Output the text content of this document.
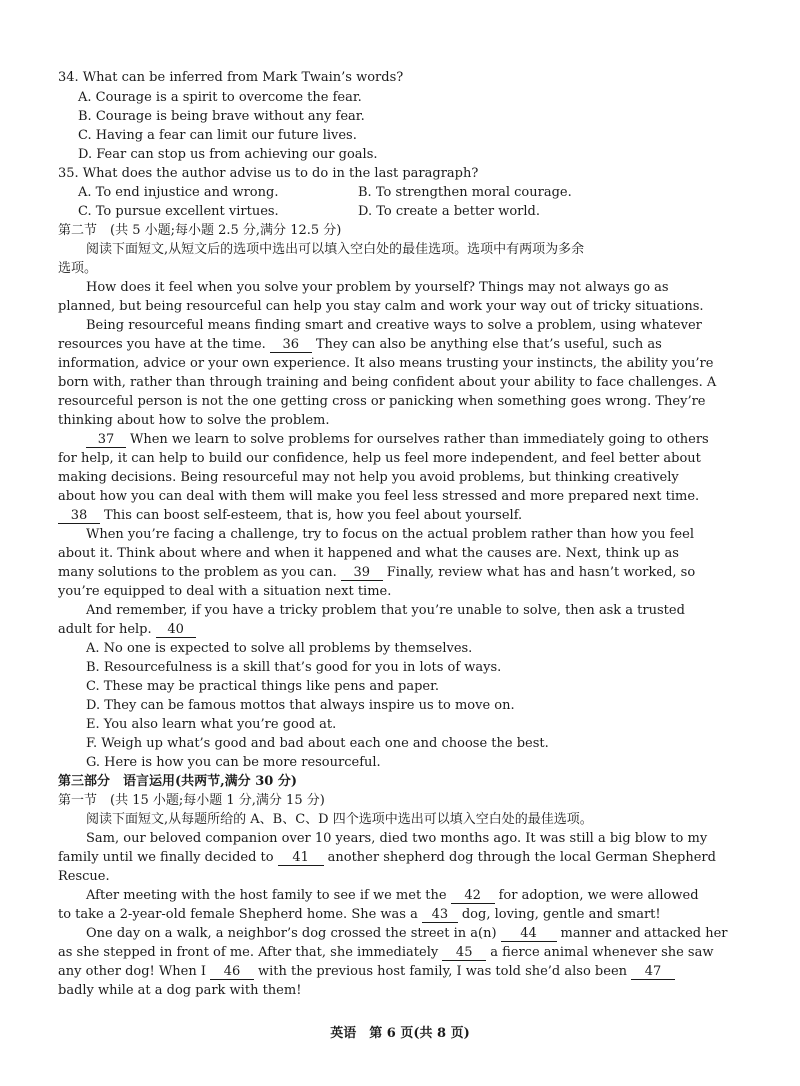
34. What can be inferred from Mark Twain’s words?
A. Courage is a spirit to overcome the fear.
B. Courage is being brave without any fear.
C. Having a fear can limit our future lives.
D. Fear can stop us from achieving our goals.
35. What does the author advise us to do in the last paragraph?
A. To end injustice and wrong.	B. To strengthen moral courage.
C. To pursue excellent virtues.	D. To create a better world.
第二节　(共 5 小题;每小题 2.5 分,满分 12.5 分)
阅读下面短文,从短文后的选项中选出可以填入空白处的最佳选项。选项中有两项为多余
选项。
How does it feel when you solve your problem by yourself? Things may not always go as
planned, but being resourceful can help you stay calm and work your way out of tricky situations.
Being resourceful means finding smart and creative ways to solve a problem, using whatever
resources you have at the time. 36 They can also be anything else that’s useful, such as
information, advice or your own experience. It also means trusting your instincts, the ability you’re
born with, rather than through training and being confident about your ability to face challenges. A
resourceful person is not the one getting cross or panicking when something goes wrong. They’re
thinking about how to solve the problem.
37 When we learn to solve problems for ourselves rather than immediately going to others
for help, it can help to build our confidence, help us feel more independent, and feel better about
making decisions. Being resourceful may not help you avoid problems, but thinking creatively
about how you can deal with them will make you feel less stressed and more prepared next time.
38 This can boost self-esteem, that is, how you feel about yourself.
When you’re facing a challenge, try to focus on the actual problem rather than how you feel
about it. Think about where and when it happened and what the causes are. Next, think up as
many solutions to the problem as you can. 39 Finally, review what has and hasn’t worked, so
you’re equipped to deal with a situation next time.
And remember, if you have a tricky problem that you’re unable to solve, then ask a trusted
adult for help. 40
A. No one is expected to solve all problems by themselves.
B. Resourcefulness is a skill that’s good for you in lots of ways.
C. These may be practical things like pens and paper.
D. They can be famous mottos that always inspire us to move on.
E. You also learn what you’re good at.
F. Weigh up what’s good and bad about each one and choose the best.
G. Here is how you can be more resourceful.
第三部分　语言运用(共两节,满分 30 分)
第一节　(共 15 小题;每小题 1 分,满分 15 分)
阅读下面短文,从每题所给的 A、B、C、D 四个选项中选出可以填入空白处的最佳选项。
Sam, our beloved companion over 10 years, died two months ago. It was still a big blow to my
family until we finally decided to 41 another shepherd dog through the local German Shepherd
Rescue.
After meeting with the host family to see if we met the 42 for adoption, we were allowed
to take a 2-year-old female Shepherd home. She was a 43 dog, loving, gentle and smart!
One day on a walk, a neighbor’s dog crossed the street in a(n) 44 manner and attacked her
as she stepped in front of me. After that, she immediately 45 a fierce animal whenever she saw
any other dog! When I 46 with the previous host family, I was told she’d also been 47
badly while at a dog park with them!
英语　第 6 页(共 8 页)
